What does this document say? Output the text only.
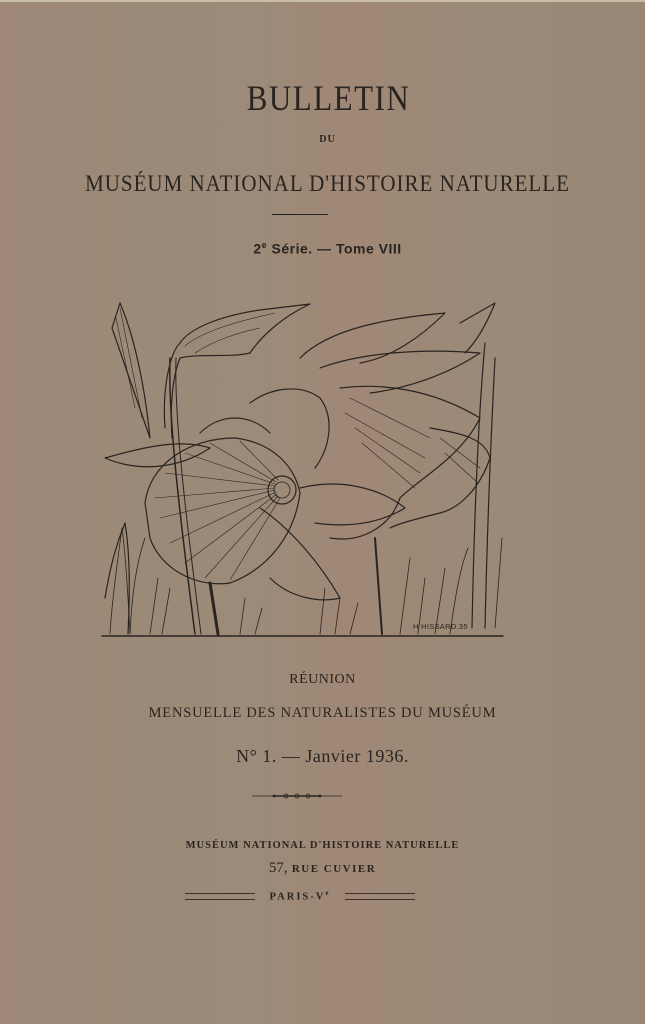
BULLETIN
DU
MUSÉUM NATIONAL D'HISTOIRE NATURELLE
2e Série. — Tome VIII
H HISSARD.35
RÉUNION
MENSUELLE DES NATURALISTES DU MUSÉUM
N° 1. — Janvier 1936.
MUSÉUM NATIONAL D'HISTOIRE NATURELLE
57, RUE CUVIER
PARIS-Ve
